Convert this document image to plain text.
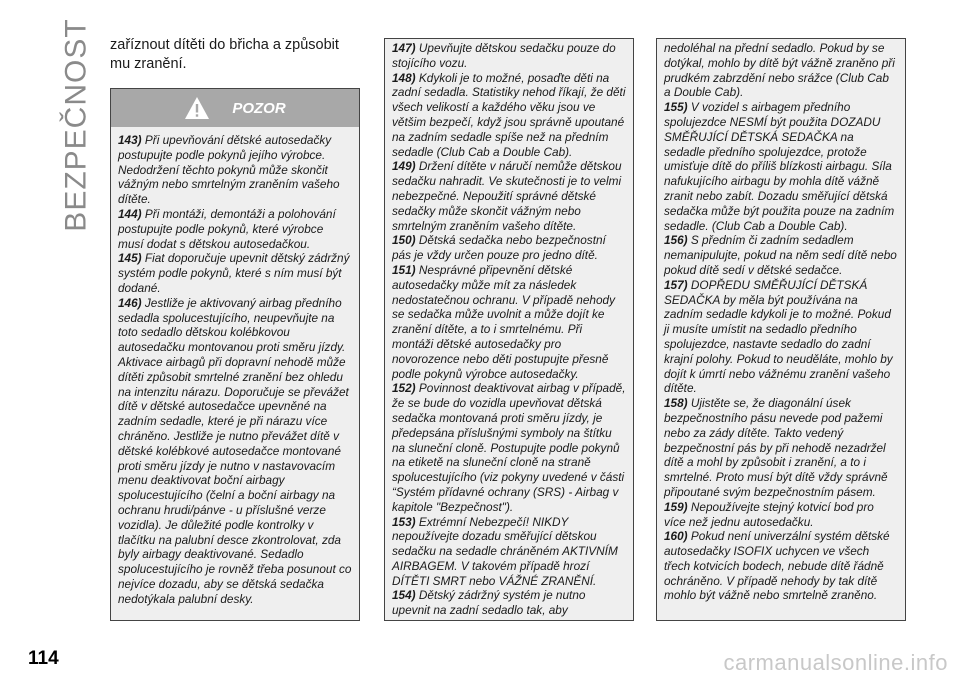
BEZPEČNOST zaříznout dítěti do břicha a způsobit mu zranění.

POZOR

143) Při upevňování dětské autosedačky postupujte podle pokynů jejího výrobce. Nedodržení těchto pokynů může skončit vážným nebo smrtelným zraněním vašeho dítěte.

144) Při montáži, demontáži a polohování postupujte podle pokynů, které výrobce musí dodat s dětskou autosedačkou.

145) Fiat doporučuje upevnit dětský zádržný systém podle pokynů, které s ním musí být dodané.

146) Jestliže je aktivovaný airbag předního sedadla spolucestujícího, neupevňujte na toto sedadlo dětskou kolébkovou autosedačku montovanou proti směru jízdy. Aktivace airbagů při dopravní nehodě může dítěti způsobit smrtelné zranění bez ohledu na intenzitu nárazu. Doporučuje se převážet dítě v dětské autosedačce upevněné na zadním sedadle, které je při nárazu více chráněno. Jestliže je nutno převážet dítě v dětské kolébkové autosedačce montované proti směru jízdy je nutno v nastavovacím menu deaktivovat boční airbagy spolucestujícího (čelní a boční airbagy na ochranu hrudi/pánve - u příslušné verze vozidla). Je důležité podle kontrolky v tlačítku na palubní desce zkontrolovat, zda byly airbagy deaktivované. Sedadlo spolucestujícího je rovněž třeba posunout co nejvíce dozadu, aby se dětská sedačka nedotýkala palubní desky.

147) Upevňujte dětskou sedačku pouze do stojícího vozu.

148) Kdykoli je to možné, posaďte děti na zadní sedadla. Statistiky nehod říkají, že děti všech velikostí a každého věku jsou ve většim bezpečí, když jsou správně upoutané na zadním sedadle spíše než na předním sedadle (Club Cab a Double Cab).

149) Držení dítěte v náručí nemůže dětskou sedačku nahradit. Ve skutečnosti je to velmi nebezpečné. Nepoužití správné dětské sedačky může skončit vážným nebo smrtelným zraněním vašeho dítěte.

150) Dětská sedačka nebo bezpečnostní pás je vždy určen pouze pro jedno dítě.

151) Nesprávné připevnění dětské autosedačky může mít za následek nedostatečnou ochranu. V případě nehody se sedačka může uvolnit a může dojít ke zranění dítěte, a to i smrtelnému. Při montáži dětské autosedačky pro novorozence nebo děti postupujte přesně podle pokynů výrobce autosedačky.

152) Povinnost deaktivovat airbag v případě, že se bude do vozidla upevňovat dětská sedačka montovaná proti směru jízdy, je předepsána příslušnými symboly na štítku na sluneční cloně. Postupujte podle pokynů na etiketě na sluneční cloně na straně spolucestujícího (viz pokyny uvedené v části “Systém přídavné ochrany (SRS) - Airbag v kapitole "Bezpečnost").

153) Extrémní Nebezpečí! NIKDY nepoužívejte dozadu směřující dětskou sedačku na sedadle chráněném AKTIVNÍM AIRBAGEM. V takovém případě hrozí DÍTĚTI SMRT nebo VÁŽNÉ ZRANĚNÍ.

154) Dětský zádržný systém je nutno upevnit na zadní sedadlo tak, aby

nedoléhal na přední sedadlo. Pokud by se dotýkal, mohlo by dítě být vážně zraněno při prudkém zabrzdění nebo srážce (Club Cab a Double Cab).

155) V vozidel s airbagem předního spolujezdce NESMÍ být použita DOZADU SMĚŘUJÍCÍ DĚTSKÁ SEDAČKA na sedadle předního spolujezdce, protože umisťuje dítě do příliš blízkosti airbagu. Síla nafukujícího airbagu by mohla dítě vážně zranit nebo zabít. Dozadu směřující dětská sedačka může být použita pouze na zadním sedadle. (Club Cab a Double Cab).

156) S předním či zadním sedadlem nemanipulujte, pokud na něm sedí dítě nebo pokud dítě sedí v dětské sedačce.

157) DOPŘEDU SMĚŘUJÍCÍ DĚTSKÁ SEDAČKA by měla být používána na zadním sedadle kdykoli je to možné. Pokud ji musíte umístit na sedadlo předního spolujezdce, nastavte sedadlo do zadní krajní polohy. Pokud to neuděláte, mohlo by dojít k úmrtí nebo vážnému zranění vašeho dítěte.

158) Ujistěte se, že diagonální úsek bezpečnostního pásu nevede pod pažemi nebo za zády dítěte. Takto vedený bezpečnostní pás by při nehodě nezadržel dítě a mohl by způsobit i zranění, a to i smrtelné. Proto musí být dítě vždy správně připoutané svým bezpečnostním pásem.

159) Nepoužívejte stejný kotvicí bod pro více než jednu autosedačku.

160) Pokud není univerzální systém dětské autosedačky ISOFIX uchycen ve všech třech kotvicích bodech, nebude dítě řádně ochráněno. V případě nehody by tak dítě mohlo být vážně nebo smrtelně zraněno.

114	carmanualsonline.info
